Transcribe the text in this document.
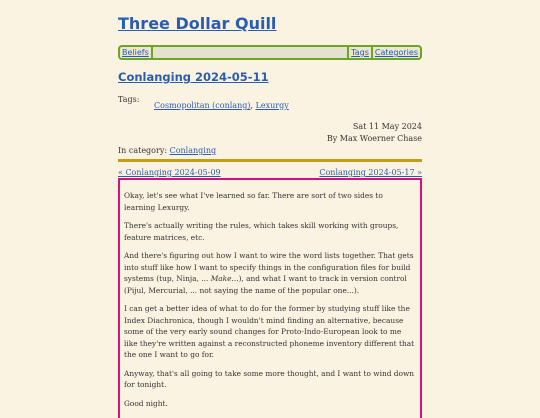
Three Dollar Quill
Beliefs	Tags Categories
Conlanging 2024-05-11
Tags:
Cosmopolitan (conlang), Lexurgy
Sat 11 May 2024
By Max Woerner Chase
In category: Conlanging
« Conlanging 2024-05-09	Conlanging 2024-05-17 »

Okay, let's see what I've learned so far. There are sort of two sides to learning Lexurgy.

There's actually writing the rules, which takes skill working with groups, feature matrices, etc.

And there's figuring out how I want to wire the word lists together. That gets into stuff like how I want to specify things in the configuration files for build systems (tup, Ninja, ... Make...), and what I want to track in version control (Pijul, Mercurial, ... not saying the name of the popular one...).

I can get a better idea of what to do for the former by studying stuff like the Index Diachronica, though I wouldn't mind finding an alternative, because some of the very early sound changes for Proto-Indo-European look to me like they're written against a reconstructed phoneme inventory different that the one I want to go for.

Anyway, that's all going to take some more thought, and I want to wind down for tonight.

Good night.
